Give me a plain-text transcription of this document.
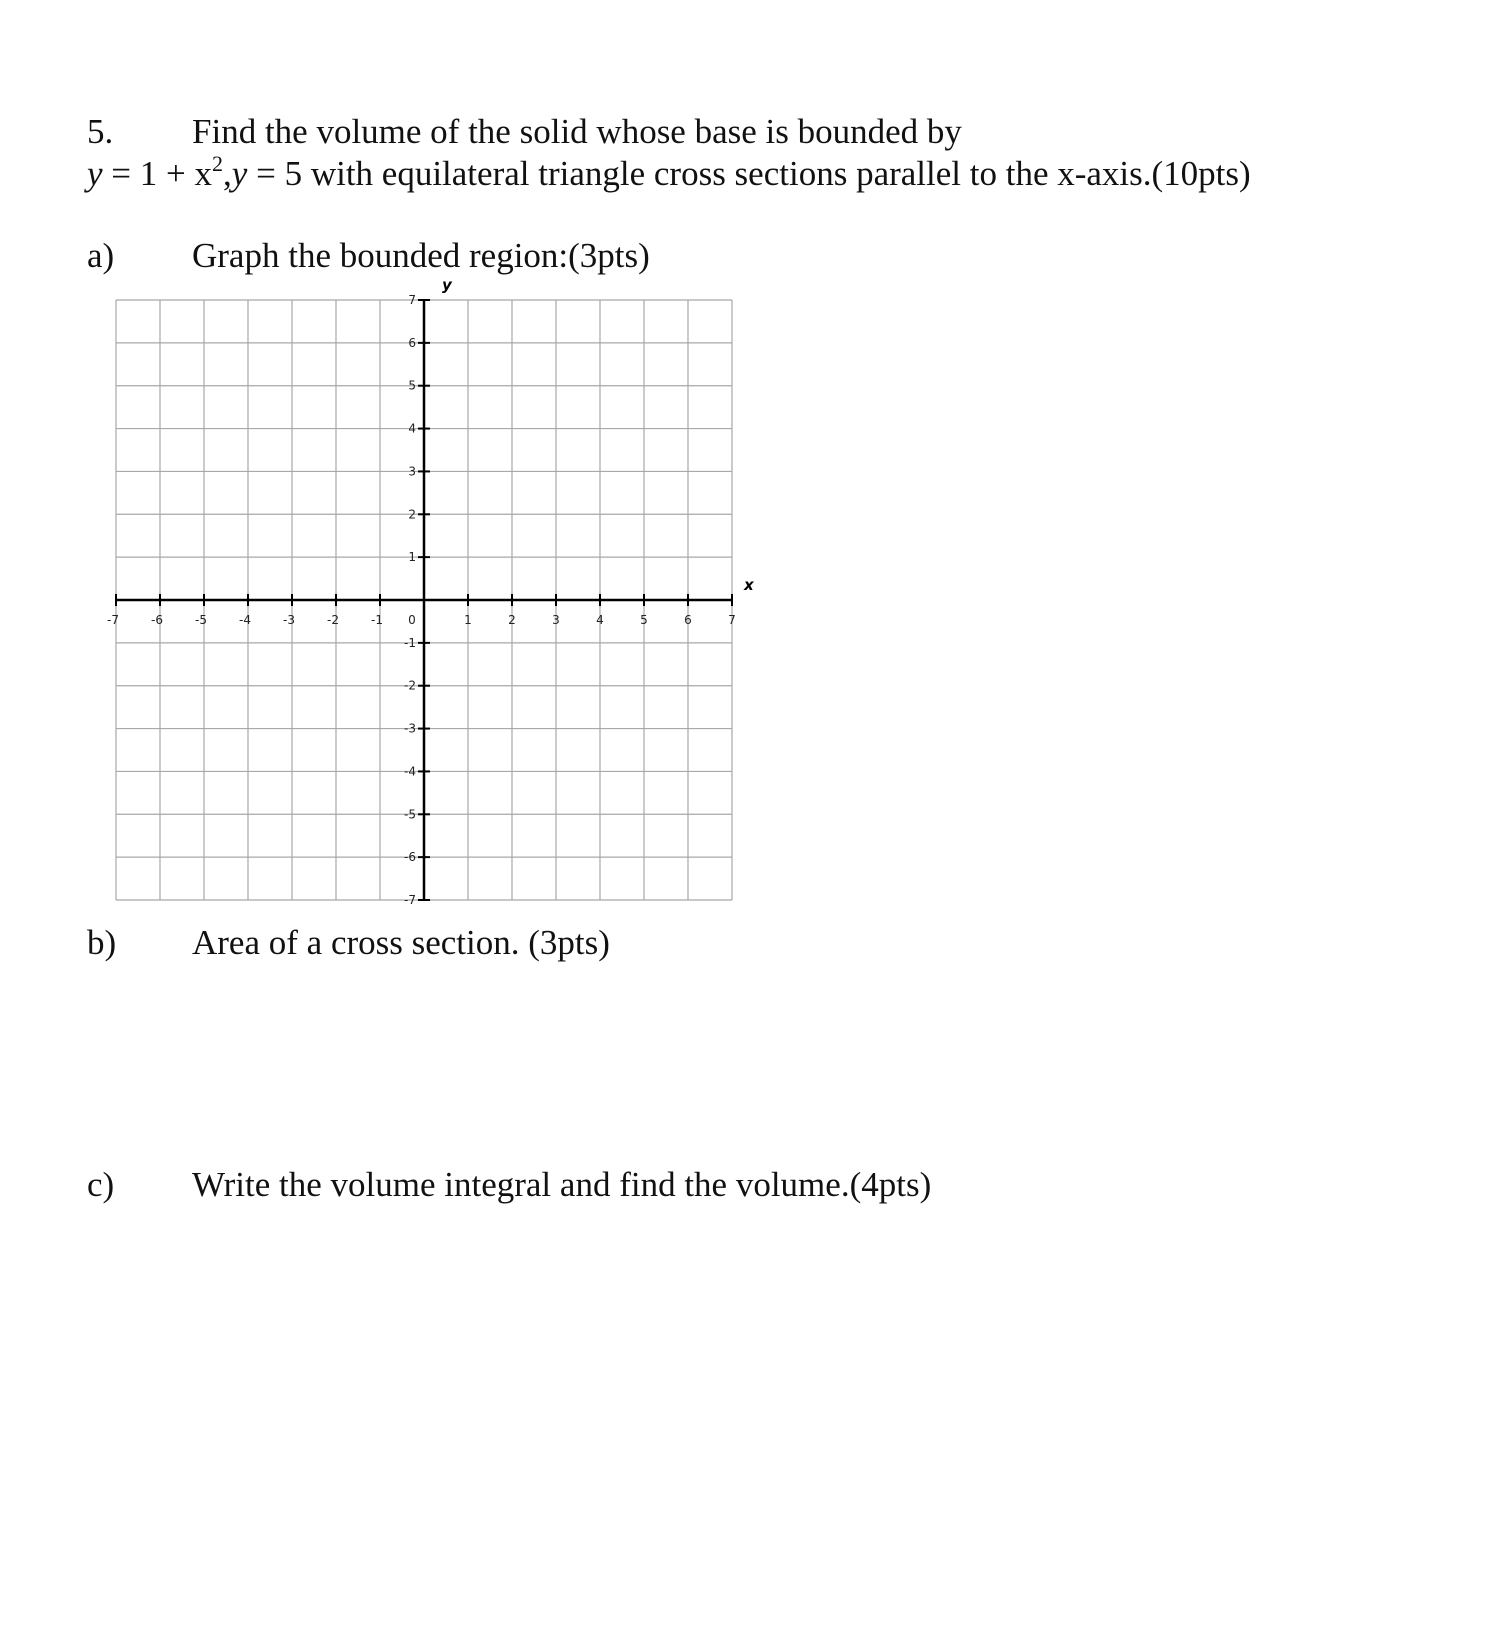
5. Find the volume of the solid whose base is bounded by
$y = 1 + x^2,y = 5$ with equilateral triangle cross sections parallel to the x-axis.(10pts)
a) Graph the bounded region:(3pts)
-7	-6	-5	-4	-3	-2	-1 0	1	2	3	4	5	6	7
7
6
5
4
3
2
1
-1
-2
-3
-4
-5
-6
-7
x
y
b) Area of a cross section. (3pts)
c) Write the volume integral and find the volume.(4pts)
